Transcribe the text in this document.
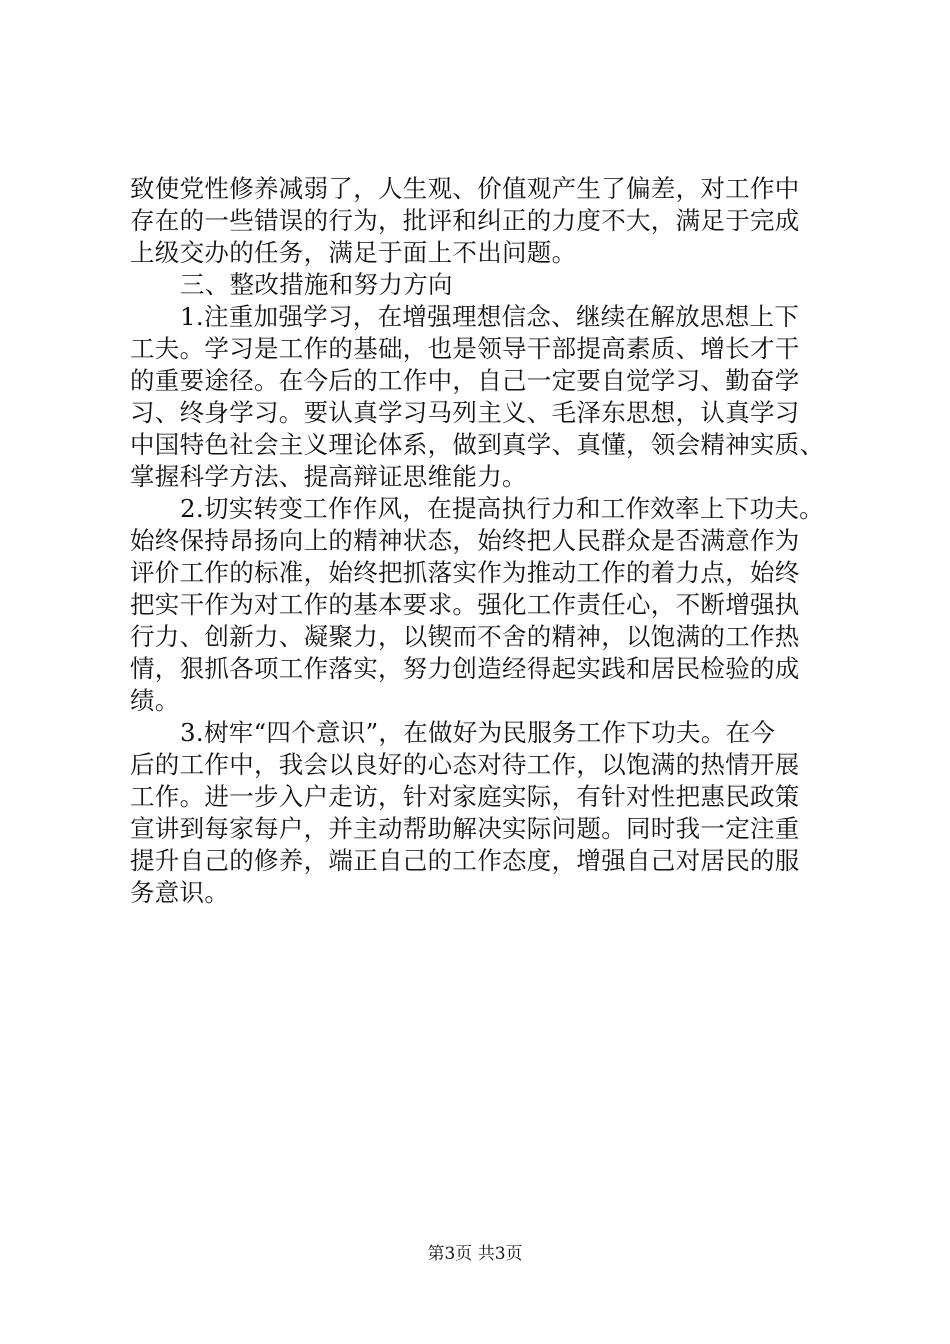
致使党性修养减弱了，人生观、价值观产生了偏差，对工作中
存在的一些错误的行为，批评和纠正的力度不大，满足于完成
上级交办的任务，满足于面上不出问题。
三、整改措施和努力方向
1.注重加强学习，在增强理想信念、继续在解放思想上下
工夫。学习是工作的基础，也是领导干部提高素质、增长才干
的重要途径。在今后的工作中，自己一定要自觉学习、勤奋学
习、终身学习。要认真学习马列主义、毛泽东思想，认真学习
中国特色社会主义理论体系，做到真学、真懂，领会精神实质、
掌握科学方法、提高辩证思维能力。
2.切实转变工作作风，在提高执行力和工作效率上下功夫。
始终保持昂扬向上的精神状态，始终把人民群众是否满意作为
评价工作的标准，始终把抓落实作为推动工作的着力点，始终
把实干作为对工作的基本要求。强化工作责任心，不断增强执
行力、创新力、凝聚力，以锲而不舍的精神，以饱满的工作热
情，狠抓各项工作落实，努力创造经得起实践和居民检验的成
绩。
3.树牢“四个意识”，在做好为民服务工作下功夫。在今
后的工作中，我会以良好的心态对待工作，以饱满的热情开展
工作。进一步入户走访，针对家庭实际，有针对性把惠民政策
宣讲到每家每户，并主动帮助解决实际问题。同时我一定注重
提升自己的修养，端正自己的工作态度，增强自己对居民的服
务意识。
第3页 共3页
